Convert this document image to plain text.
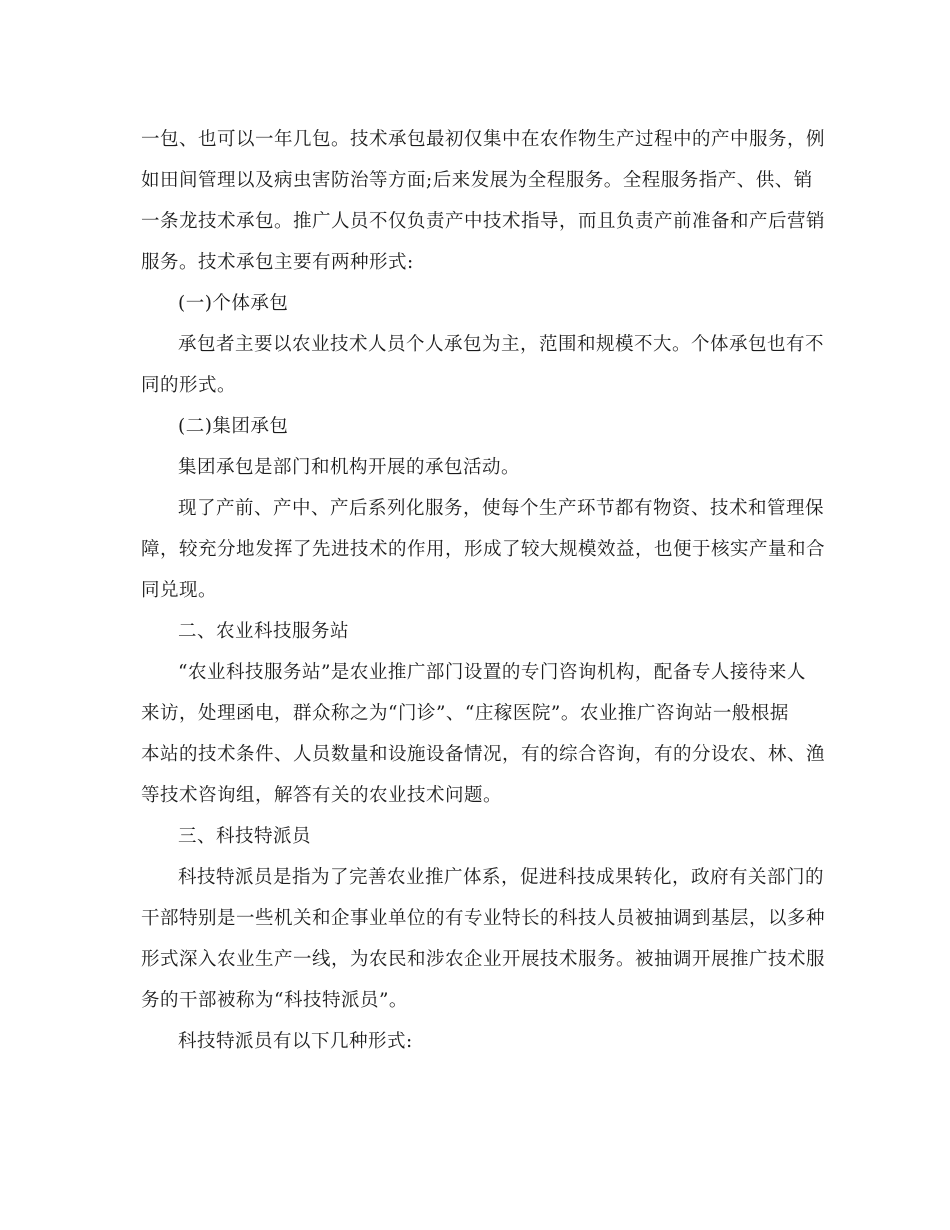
一包、也可以一年几包。技术承包最初仅集中在农作物生产过程中的产中服务，例
如田间管理以及病虫害防治等方面;后来发展为全程服务。全程服务指产、供、销
一条龙技术承包。推广人员不仅负责产中技术指导，而且负责产前准备和产后营销
服务。技术承包主要有两种形式:
(一)个体承包
承包者主要以农业技术人员个人承包为主，范围和规模不大。个体承包也有不
同的形式。
(二)集团承包
集团承包是部门和机构开展的承包活动。
现了产前、产中、产后系列化服务，使每个生产环节都有物资、技术和管理保
障，较充分地发挥了先进技术的作用，形成了较大规模效益，也便于核实产量和合
同兑现。
二、农业科技服务站
“农业科技服务站”是农业推广部门设置的专门咨询机构，配备专人接待来人
来访，处理函电，群众称之为“门诊”、“庄稼医院”。农业推广咨询站一般根据
本站的技术条件、人员数量和设施设备情况，有的综合咨询，有的分设农、林、渔
等技术咨询组，解答有关的农业技术问题。
三、科技特派员
科技特派员是指为了完善农业推广体系，促进科技成果转化，政府有关部门的
干部特别是一些机关和企事业单位的有专业特长的科技人员被抽调到基层，以多种
形式深入农业生产一线，为农民和涉农企业开展技术服务。被抽调开展推广技术服
务的干部被称为“科技特派员”。
科技特派员有以下几种形式:
